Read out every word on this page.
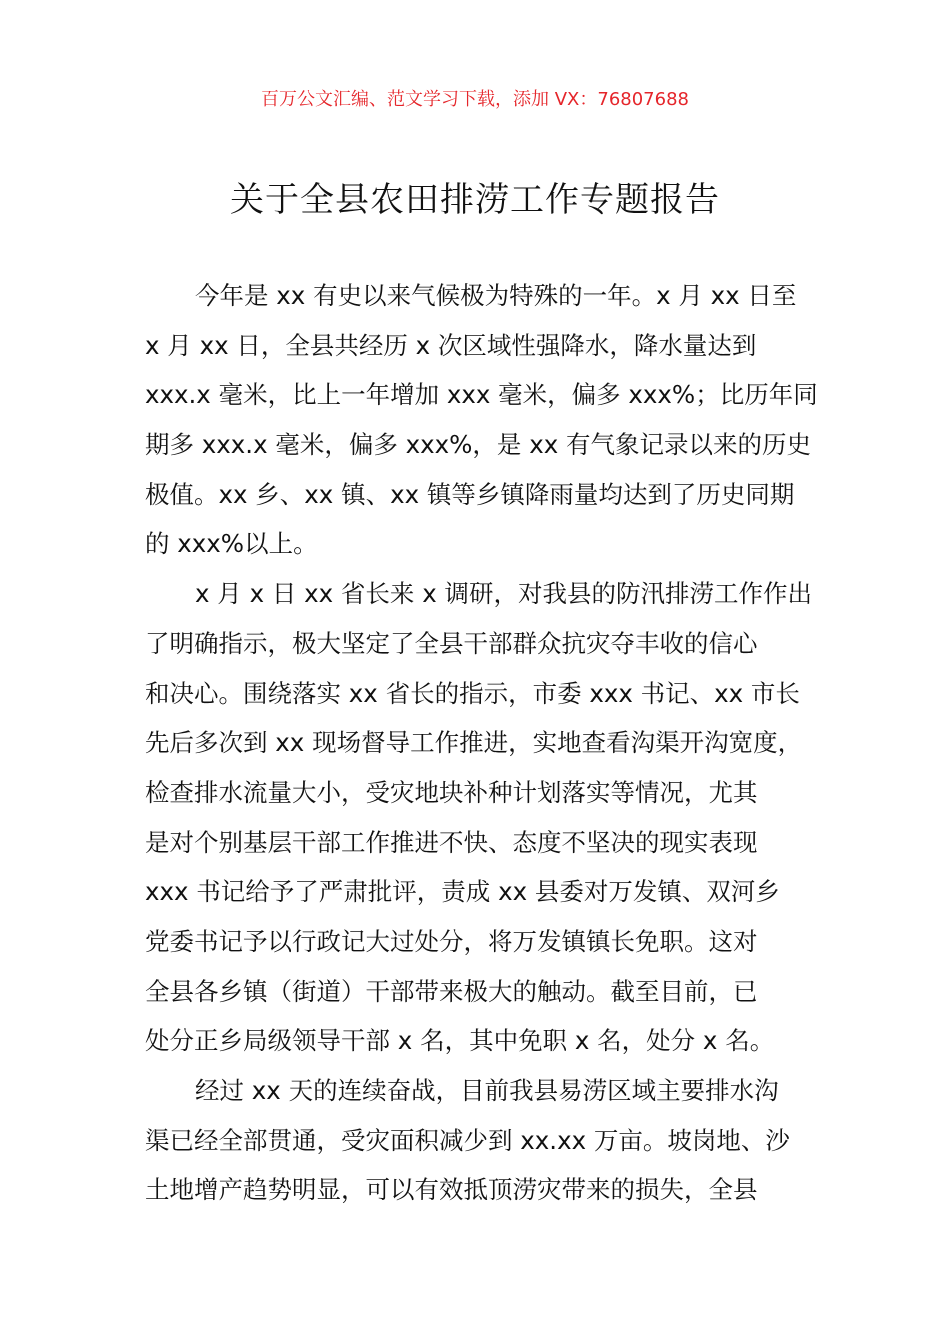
百万公文汇编、范文学习下载，添加 VX：76807688
关于全县农田排涝工作专题报告
今年是 xx 有史以来气候极为特殊的一年。x 月 xx 日至
x 月 xx 日，全县共经历 x 次区域性强降水，降水量达到
xxx.x 毫米，比上一年增加 xxx 毫米，偏多 xxx%；比历年同
期多 xxx.x 毫米，偏多 xxx%，是 xx 有气象记录以来的历史
极值。xx 乡、xx 镇、xx 镇等乡镇降雨量均达到了历史同期
的 xxx%以上。
x 月 x 日 xx 省长来 x 调研，对我县的防汛排涝工作作出
了明确指示，极大坚定了全县干部群众抗灾夺丰收的信心
和决心。围绕落实 xx 省长的指示，市委 xxx 书记、xx 市长
先后多次到 xx 现场督导工作推进，实地查看沟渠开沟宽度，
检查排水流量大小，受灾地块补种计划落实等情况，尤其
是对个别基层干部工作推进不快、态度不坚决的现实表现
xxx 书记给予了严肃批评，责成 xx 县委对万发镇、双河乡
党委书记予以行政记大过处分，将万发镇镇长免职。这对
全县各乡镇（街道）干部带来极大的触动。截至目前，已
处分正乡局级领导干部 x 名，其中免职 x 名，处分 x 名。
经过 xx 天的连续奋战，目前我县易涝区域主要排水沟
渠已经全部贯通，受灾面积减少到 xx.xx 万亩。坡岗地、沙
土地增产趋势明显，可以有效抵顶涝灾带来的损失，全县
